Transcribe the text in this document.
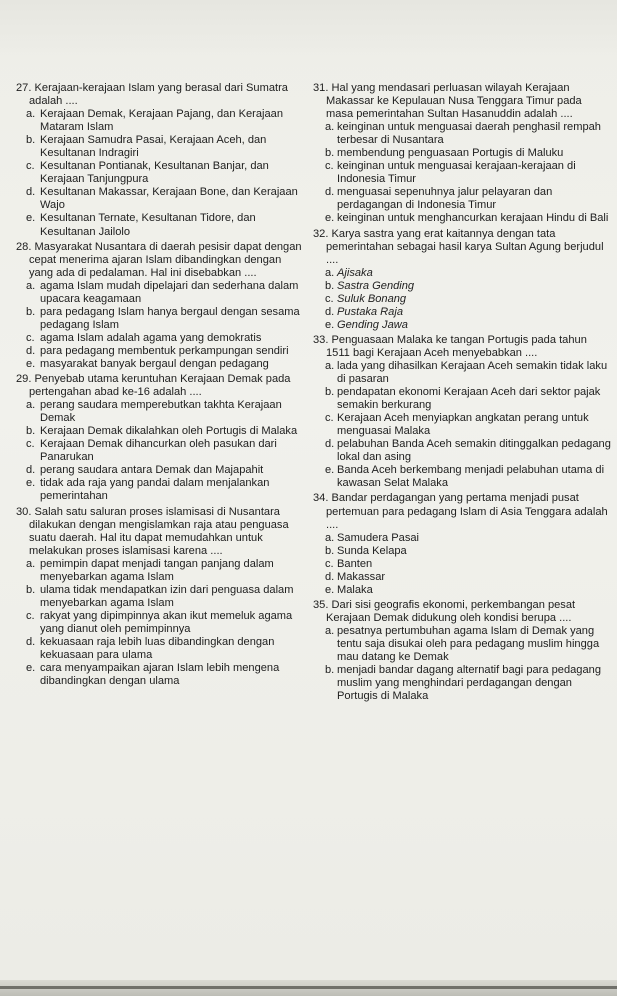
27. Kerajaan-kerajaan Islam yang berasal dari Sumatra adalah ....
a. Kerajaan Demak, Kerajaan Pajang, dan Kerajaan Mataram Islam
b. Kerajaan Samudra Pasai, Kerajaan Aceh, dan Kesultanan Indragiri
c. Kesultanan Pontianak, Kesultanan Banjar, dan Kerajaan Tanjungpura
d. Kesultanan Makassar, Kerajaan Bone, dan Kerajaan Wajo
e. Kesultanan Ternate, Kesultanan Tidore, dan Kesultanan Jailolo
28. Masyarakat Nusantara di daerah pesisir dapat dengan cepat menerima ajaran Islam dibandingkan dengan yang ada di pedalaman. Hal ini disebabkan ....
a. agama Islam mudah dipelajari dan sederhana dalam upacara keagamaan
b. para pedagang Islam hanya bergaul dengan sesama pedagang Islam
c. agama Islam adalah agama yang demokratis
d. para pedagang membentuk perkampungan sendiri
e. masyarakat banyak bergaul dengan pedagang
29. Penyebab utama keruntuhan Kerajaan Demak pada pertengahan abad ke-16 adalah ....
a. perang saudara memperebutkan takhta Kerajaan Demak
b. Kerajaan Demak dikalahkan oleh Portugis di Malaka
c. Kerajaan Demak dihancurkan oleh pasukan dari Panarukan
d. perang saudara antara Demak dan Majapahit
e. tidak ada raja yang pandai dalam menjalankan pemerintahan
30. Salah satu saluran proses islamisasi di Nusantara dilakukan dengan mengislamkan raja atau penguasa suatu daerah. Hal itu dapat memudahkan untuk melakukan proses islamisasi karena ....
a. pemimpin dapat menjadi tangan panjang dalam menyebarkan agama Islam
b. ulama tidak mendapatkan izin dari penguasa dalam menyebarkan agama Islam
c. rakyat yang dipimpinnya akan ikut memeluk agama yang dianut oleh pemimpinnya
d. kekuasaan raja lebih luas dibandingkan dengan kekuasaan para ulama
e. cara menyampaikan ajaran Islam lebih mengena dibandingkan dengan ulama
31. Hal yang mendasari perluasan wilayah Kerajaan Makassar ke Kepulauan Nusa Tenggara Timur pada masa pemerintahan Sultan Hasanuddin adalah ....
a. keinginan untuk menguasai daerah penghasil rempah terbesar di Nusantara
b. membendung penguasaan Portugis di Maluku
c. keinginan untuk menguasai kerajaan-kerajaan di Indonesia Timur
d. menguasai sepenuhnya jalur pelayaran dan perdagangan di Indonesia Timur
e. keinginan untuk menghancurkan kerajaan Hindu di Bali
32. Karya sastra yang erat kaitannya dengan tata pemerintahan sebagai hasil karya Sultan Agung berjudul ....
a. Ajisaka
b. Sastra Gending
c. Suluk Bonang
d. Pustaka Raja
e. Gending Jawa
33. Penguasaan Malaka ke tangan Portugis pada tahun 1511 bagi Kerajaan Aceh menyebabkan ....
a. lada yang dihasilkan Kerajaan Aceh semakin tidak laku di pasaran
b. pendapatan ekonomi Kerajaan Aceh dari sektor pajak semakin berkurang
c. Kerajaan Aceh menyiapkan angkatan perang untuk menguasai Malaka
d. pelabuhan Banda Aceh semakin ditinggalkan pedagang lokal dan asing
e. Banda Aceh berkembang menjadi pelabuhan utama di kawasan Selat Malaka
34. Bandar perdagangan yang pertama menjadi pusat pertemuan para pedagang Islam di Asia Tenggara adalah ....
a. Samudera Pasai
b. Sunda Kelapa
c. Banten
d. Makassar
e. Malaka
35. Dari sisi geografis ekonomi, perkembangan pesat Kerajaan Demak didukung oleh kondisi berupa ....
a. pesatnya pertumbuhan agama Islam di Demak yang tentu saja disukai oleh para pedagang muslim hingga mau datang ke Demak
b. menjadi bandar dagang alternatif bagi para pedagang muslim yang menghindari perdagangan dengan Portugis di Malaka
